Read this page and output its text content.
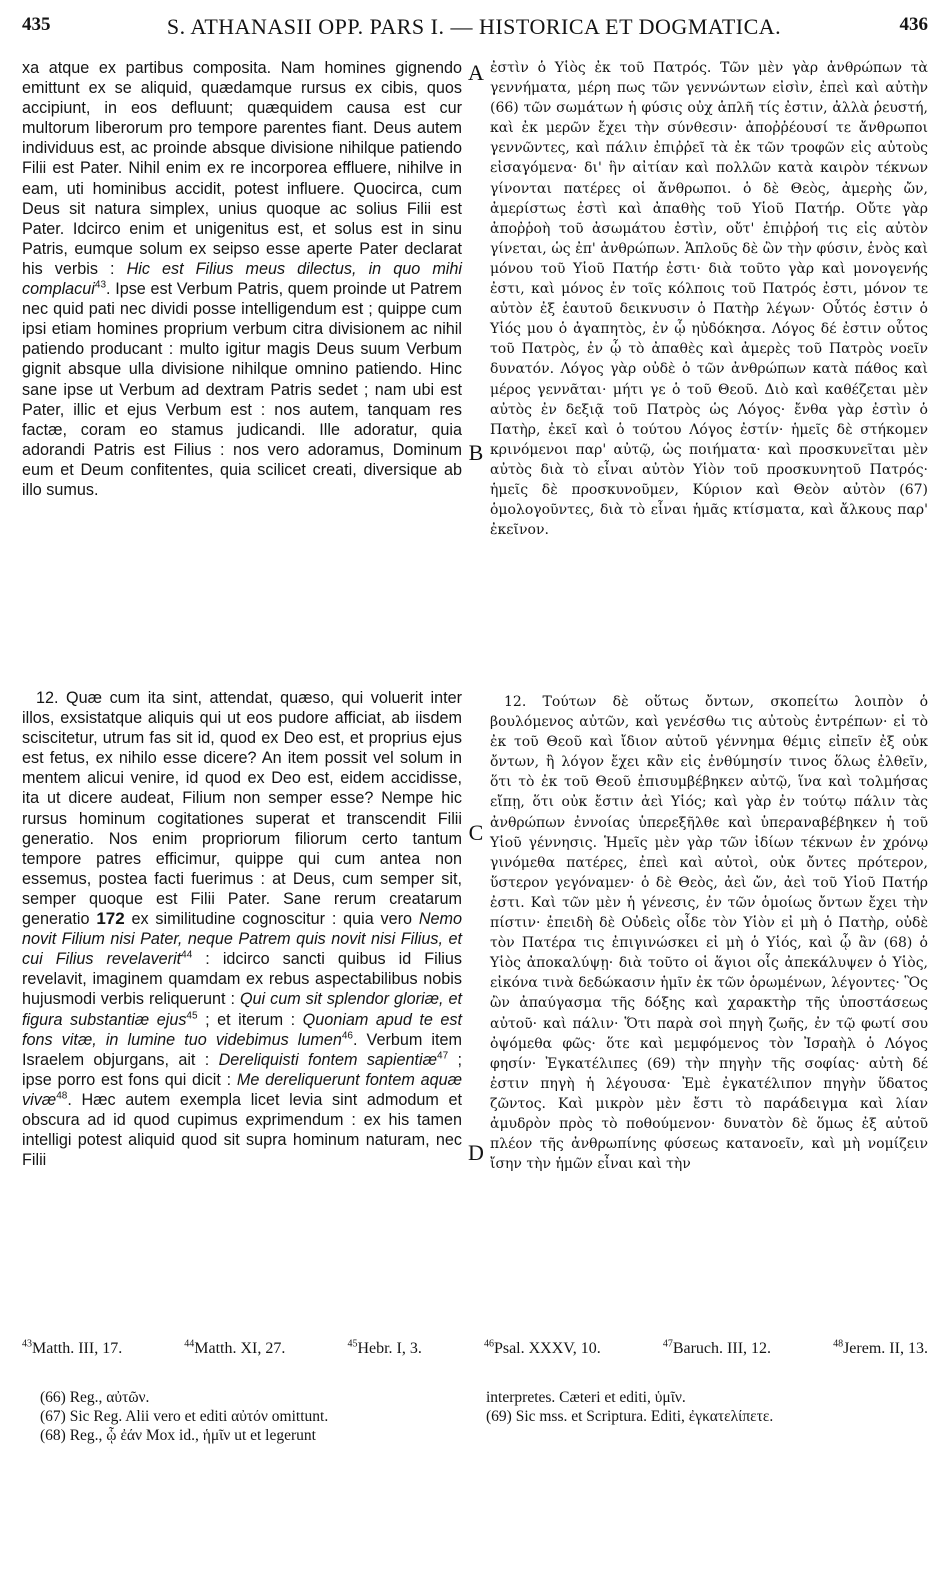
435	S. ATHANASII OPP. PARS I. — HISTORICA ET DOGMATICA.	436

xa atque ex partibus composita. Nam homines gignendo emittunt ex se aliquid, quædamque rursus ex cibis, quos accipiunt, in eos defluunt; quæquidem causa est cur multorum liberorum pro tempore parentes fiant. Deus autem individuus est, ac proinde absque divisione nihilque patiendo Filii est Pater. Nihil enim ex re incorporea effluere, nihilve in eam, uti hominibus accidit, potest influere. Quocirca, cum Deus sit natura simplex, unius quoque ac solius Filii est Pater. Idcirco enim et unigenitus est, et solus est in sinu Patris, eumque solum ex seipso esse aperte Pater declarat his verbis : Hic est Filius meus dilectus, in quo mihi complacui$^{43}$. Ipse est Verbum Patris, quem proinde ut Patrem nec quid pati nec dividi posse intelligendum est ; quippe cum ipsi etiam homines proprium verbum citra divisionem ac nihil patiendo producant : multo igitur magis Deus suum Verbum gignit absque ulla divisione nihilque omnino patiendo. Hinc sane ipse ut Verbum ad dextram Patris sedet ; nam ubi est Pater, illic et ejus Verbum est : nos autem, tanquam res factæ, coram eo stamus judicandi. Ille adoratur, quia adorandi Patris est Filius : nos vero adoramus, Dominum eum et Deum confitentes, quia scilicet creati, diversique ab illo sumus.

12. Quæ cum ita sint, attendat, quæso, qui voluerit inter illos, exsistatque aliquis qui ut eos pudore afficiat, ab iisdem sciscitetur, utrum fas sit id, quod ex Deo est, et proprius ejus est fetus, ex nihilo esse dicere? An item possit vel solum in mentem alicui venire, id quod ex Deo est, eidem accidisse, ita ut dicere audeat, Filium non semper esse? Nempe hic rursus hominum cogitationes superat et transcendit Filii generatio. Nos enim propriorum filiorum certo tantum tempore patres efficimur, quippe qui cum antea non essemus, postea facti fuerimus : at Deus, cum semper sit, semper quoque est Filii Pater. Sane rerum creatarum generatio 172 ex similitudine cognoscitur : quia vero Nemo novit Filium nisi Pater, neque Patrem quis novit nisi Filius, et cui Filius revelaverit$^{44}$ : idcirco sancti quibus id Filius revelavit, imaginem quamdam ex rebus aspectabilibus nobis hujusmodi verbis reliquerunt : Qui cum sit splendor gloriæ, et figura substantiæ ejus$^{45}$ ; et iterum : Quoniam apud te est fons vitæ, in lumine tuo videbimus lumen$^{46}$. Verbum item Israelem objurgans, ait : Dereliquisti fontem sapientiæ$^{47}$ ; ipse porro est fons qui dicit : Me dereliquerunt fontem aquæ vivæ$^{48}$. Hæc autem exempla licet levia sint admodum et obscura ad id quod cupimus exprimendum : ex his tamen intelligi potest aliquid quod sit supra hominum naturam, nec Filii

A
B
C
D

ἐστὶν ὁ Υἱὸς ἐκ τοῦ Πατρός. Τῶν μὲν γὰρ ἀνθρώπων τὰ γεννήματα, μέρη πως τῶν γεννώντων εἰσὶν, ἐπεὶ καὶ αὐτὴν (66) τῶν σωμάτων ἡ φύσις οὐχ ἁπλῆ τίς ἐστιν, ἀλλὰ ῥευστή, καὶ ἐκ μερῶν ἔχει τὴν σύνθεσιν· ἀποῤῥέουσί τε ἄνθρωποι γεννῶντες, καὶ πάλιν ἐπιῤῥεῖ τὰ ἐκ τῶν τροφῶν εἰς αὐτοὺς εἰσαγόμενα· δι' ἣν αἰτίαν καὶ πολλῶν κατὰ καιρὸν τέκνων γίνονται πατέρες οἱ ἄνθρωποι. ὁ δὲ Θεὸς, ἀμερὴς ὤν, ἀμερίστως ἐστὶ καὶ ἀπαθὴς τοῦ Υἱοῦ Πατήρ. Οὔτε γὰρ ἀποῤῥοὴ τοῦ ἀσωμάτου ἐστὶν, οὔτ' ἐπιῤῥοή τις εἰς αὐτὸν γίνεται, ὡς ἐπ' ἀνθρώπων. Ἁπλοῦς δὲ ὢν τὴν φύσιν, ἑνὸς καὶ μόνου τοῦ Υἱοῦ Πατήρ ἐστι· διὰ τοῦτο γὰρ καὶ μονογενής ἐστι, καὶ μόνος ἐν τοῖς κόλποις τοῦ Πατρός ἐστι, μόνον τε αὐτὸν ἐξ ἑαυτοῦ δεικνυσιν ὁ Πατὴρ λέγων· Οὗτός ἐστιν ὁ Υἱός μου ὁ ἀγαπητὸς, ἐν ᾧ ηὐδόκησα. Λόγος δέ ἐστιν οὗτος τοῦ Πατρὸς, ἐν ᾧ τὸ ἀπαθὲς καὶ ἀμερὲς τοῦ Πατρὸς νοεῖν δυνατόν. Λόγος γὰρ οὐδὲ ὁ τῶν ἀνθρώπων κατὰ πάθος καὶ μέρος γεννᾶται· μήτι γε ὁ τοῦ Θεοῦ. Διὸ καὶ καθέζεται μὲν αὐτὸς ἐν δεξιᾷ τοῦ Πατρὸς ὡς Λόγος· ἔνθα γὰρ ἐστὶν ὁ Πατὴρ, ἐκεῖ καὶ ὁ τούτου Λόγος ἐστίν· ἡμεῖς δὲ στήκομεν κρινόμενοι παρ' αὐτῷ, ὡς ποιήματα· καὶ προσκυνεῖται μὲν αὐτὸς διὰ τὸ εἶναι αὐτὸν Υἱὸν τοῦ προσκυνητοῦ Πατρός· ἡμεῖς δὲ προσκυνοῦμεν, Κύριον καὶ Θεὸν αὐτὸν (67) ὁμολογοῦντες, διὰ τὸ εἶναι ἡμᾶς κτίσματα, καὶ ἄλκους παρ' ἐκεῖνον.

12. Τούτων δὲ οὕτως ὄντων, σκοπείτω λοιπὸν ὁ βουλόμενος αὐτῶν, καὶ γενέσθω τις αὐτοὺς ἐντρέπων· εἰ τὸ ἐκ τοῦ Θεοῦ καὶ ἴδιον αὐτοῦ γέννημα θέμις εἰπεῖν ἐξ οὐκ ὄντων, ἢ λόγον ἔχει κἂν εἰς ἐνθύμησίν τινος ὅλως ἐλθεῖν, ὅτι τὸ ἐκ τοῦ Θεοῦ ἐπισυμβέβηκεν αὐτῷ, ἵνα καὶ τολμήσας εἴπῃ, ὅτι οὐκ ἔστιν ἀεὶ Υἱός; καὶ γὰρ ἐν τούτῳ πάλιν τὰς ἀνθρώπων ἐννοίας ὑπερεξῆλθε καὶ ὑπεραναβέβηκεν ἡ τοῦ Υἱοῦ γέννησις. Ἡμεῖς μὲν γὰρ τῶν ἰδίων τέκνων ἐν χρόνῳ γινόμεθα πατέρες, ἐπεὶ καὶ αὐτοὶ, οὐκ ὄντες πρότερον, ὕστερον γεγόναμεν· ὁ δὲ Θεὸς, ἀεὶ ὤν, ἀεὶ τοῦ Υἱοῦ Πατήρ ἐστι. Καὶ τῶν μὲν ἡ γένεσις, ἐν τῶν ὁμοίως ὄντων ἔχει τὴν πίστιν· ἐπειδὴ δὲ Οὐδεὶς οἶδε τὸν Υἱὸν εἰ μὴ ὁ Πατὴρ, οὐδὲ τὸν Πατέρα τις ἐπιγινώσκει εἰ μὴ ὁ Υἱός, καὶ ᾧ ἂν (68) ὁ Υἱὸς ἀποκαλύψῃ· διὰ τοῦτο οἱ ἅγιοι οἷς ἀπεκάλυψεν ὁ Υἱὸς, εἰκόνα τινὰ δεδώκασιν ἡμῖν ἐκ τῶν ὁρωμένων, λέγοντες· Ὃς ὢν ἀπαύγασμα τῆς δόξης καὶ χαρακτὴρ τῆς ὑποστάσεως αὐτοῦ· καὶ πάλιν· Ὅτι παρὰ σοὶ πηγὴ ζωῆς, ἐν τῷ φωτί σου ὀψόμεθα φῶς· ὅτε καὶ μεμφόμενος τὸν Ἰσραὴλ ὁ Λόγος φησίν· Ἐγκατέλιπες (69) τὴν πηγὴν τῆς σοφίας· αὐτὴ δέ ἐστιν πηγὴ ἡ λέγουσα· Ἐμὲ ἐγκατέλιπον πηγὴν ὕδατος ζῶντος. Καὶ μικρὸν μὲν ἔστι τὸ παράδειγμα καὶ λίαν ἀμυδρὸν πρὸς τὸ ποθούμενον· δυνατὸν δὲ ὅμως ἐξ αὐτοῦ πλέον τῆς ἀνθρωπίνης φύσεως κατανοεῖν, καὶ μὴ νομίζειν ἴσην τὴν ἡμῶν εἶναι καὶ τὴν

$^{43}$Matth. III, 17.	$^{44}$Matth. XI, 27.	$^{45}$Hebr. I, 3.	$^{46}$Psal. XXXV, 10.	$^{47}$Baruch. III, 12.	$^{48}$Jerem. II, 13.
(66) Reg., αὐτῶν.
(67) Sic Reg. Alii vero et editi αὐτόν omittunt.
(68) Reg., ᾧ ἐάν Mox id., ἡμῖν ut et legerunt
interpretes. Cæteri et editi, ὑμῖν.
(69) Sic mss. et Scriptura. Editi, ἐγκατελίπετε.
